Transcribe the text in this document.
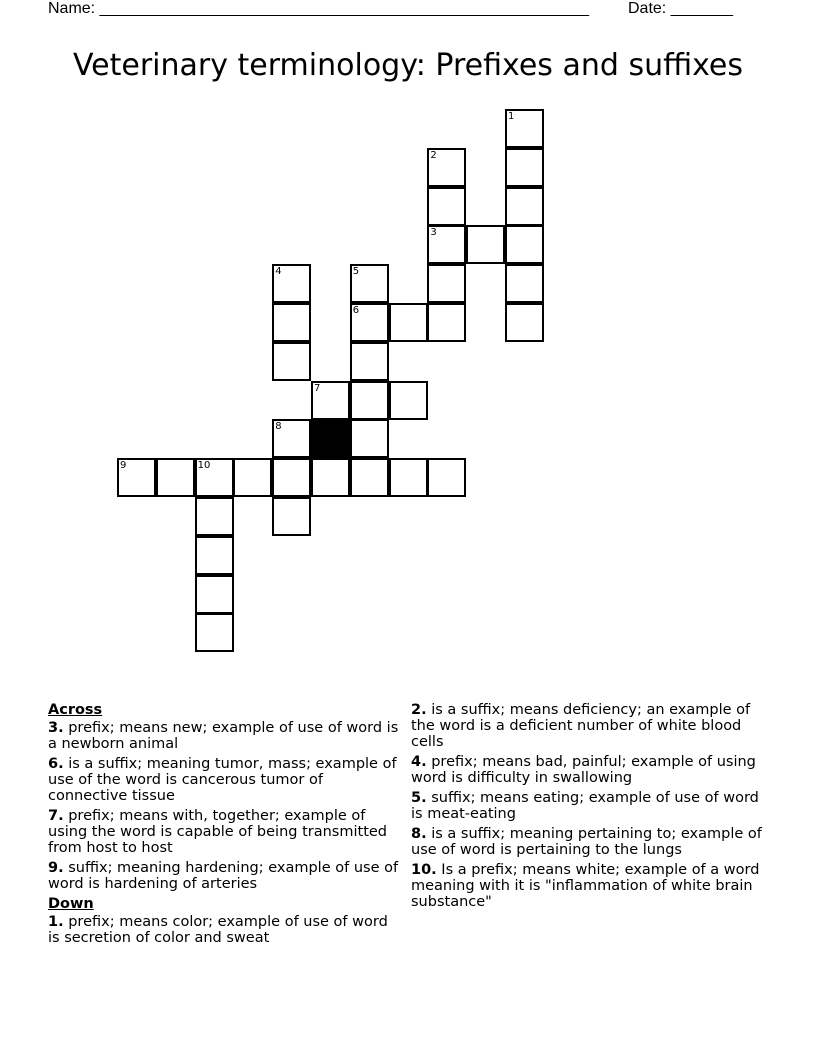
Name: _______________________________________________________ Date: _______
Veterinary terminology: Prefixes and suffixes
1
2
3
4	5
6
7
8
9	10
Across
3. prefix; means new; example of use of word is a newborn animal
6. is a suffix; meaning tumor, mass; example of use of the word is cancerous tumor of connective tissue
7. prefix; means with, together; example of using the word is capable of being transmitted from host to host
9. suffix; meaning hardening; example of use of word is hardening of arteries
Down
1. prefix; means color; example of use of word is secretion of color and sweat
2. is a suffix; means deficiency; an example of the word is a deficient number of white blood cells
4. prefix; means bad, painful; example of using word is difficulty in swallowing
5. suffix; means eating; example of use of word is meat-eating
8. is a suffix; meaning pertaining to; example of use of word is pertaining to the lungs
10. Is a prefix; means white; example of a word meaning with it is "inflammation of white brain substance"
